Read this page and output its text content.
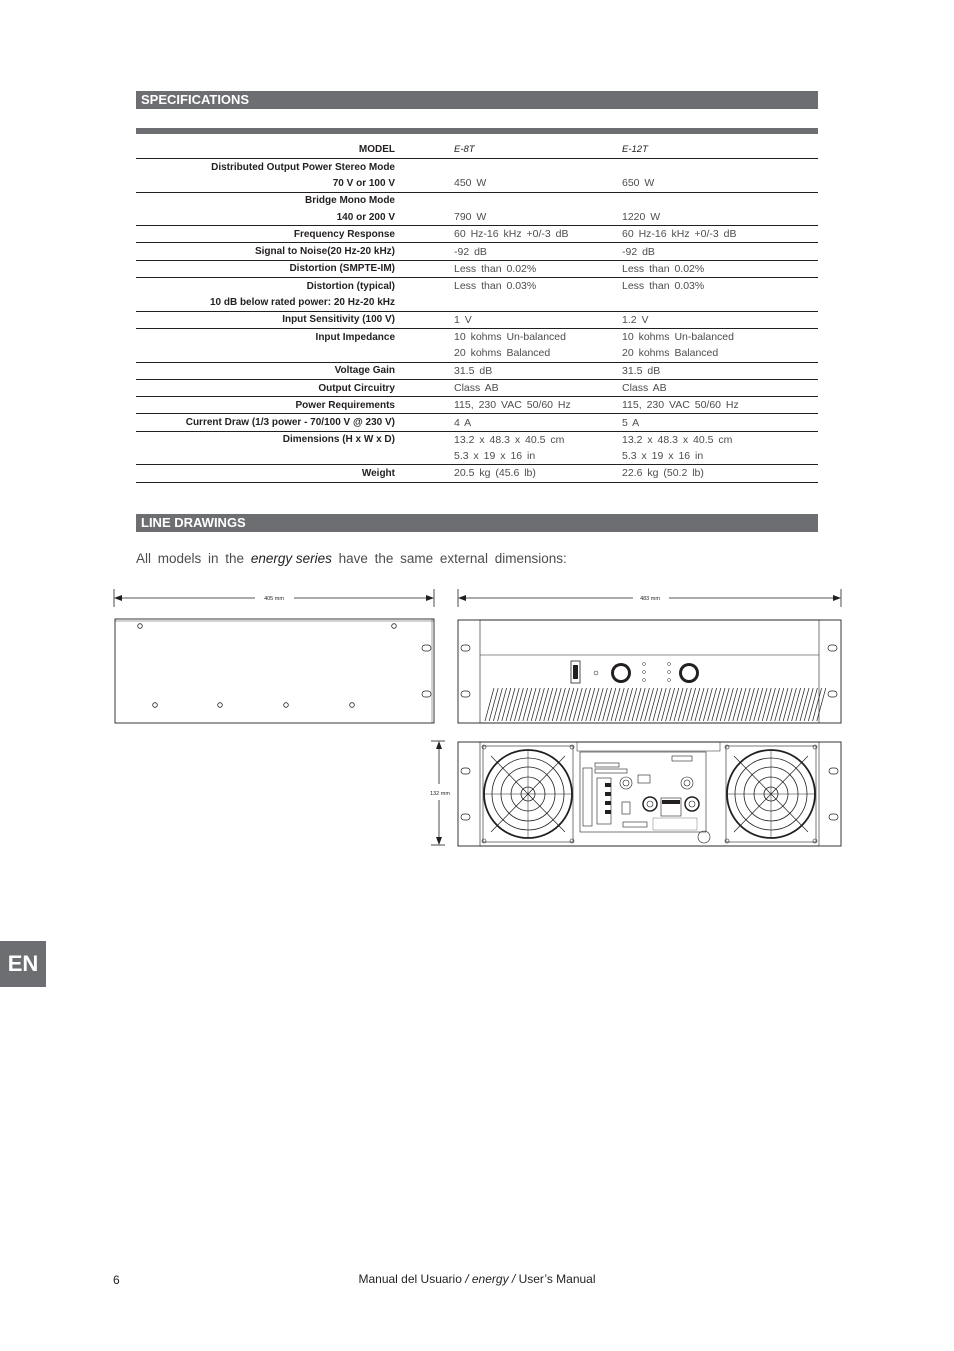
SPECIFICATIONS
MODEL		E-8T	E-12T
Distributed Output Power Stereo Mode			
70 V or 100 V		450 W	650 W
Bridge Mono Mode			
140 or 200 V		790 W	1220 W
Frequency Response		60 Hz-16 kHz +0/-3 dB	60 Hz-16 kHz +0/-3 dB
Signal to Noise(20 Hz-20 kHz)		-92 dB	-92 dB
Distortion (SMPTE-IM)		Less than 0.02%	Less than 0.02%
Distortion (typical)		Less than 0.03%	Less than 0.03%
10 dB below rated power: 20 Hz-20 kHz			
Input Sensitivity (100 V)		1 V	1.2 V
Input Impedance		10 kohms Un-balanced	10 kohms Un-balanced
		20 kohms Balanced	20 kohms Balanced
Voltage Gain		31.5 dB	31.5 dB
Output Circuitry		Class AB	Class AB
Power Requirements		115, 230 VAC 50/60 Hz	115, 230 VAC 50/60 Hz
Current Draw (1/3 power - 70/100 V @ 230 V)		4 A	5 A
Dimensions (H x W x D)		13.2 x 48.3 x 40.5 cm	13.2 x 48.3 x 40.5 cm
		5.3 x 19 x 16 in	5.3 x 19 x 16 in
Weight		20.5 kg (45.6 lb)	22.6 kg (50.2 lb)
LINE DRAWINGS
All models in the energy series have the same external dimensions:
405 mm	483 mm
132 mm
EN
6	Manual del Usuario / energy / User’s Manual
